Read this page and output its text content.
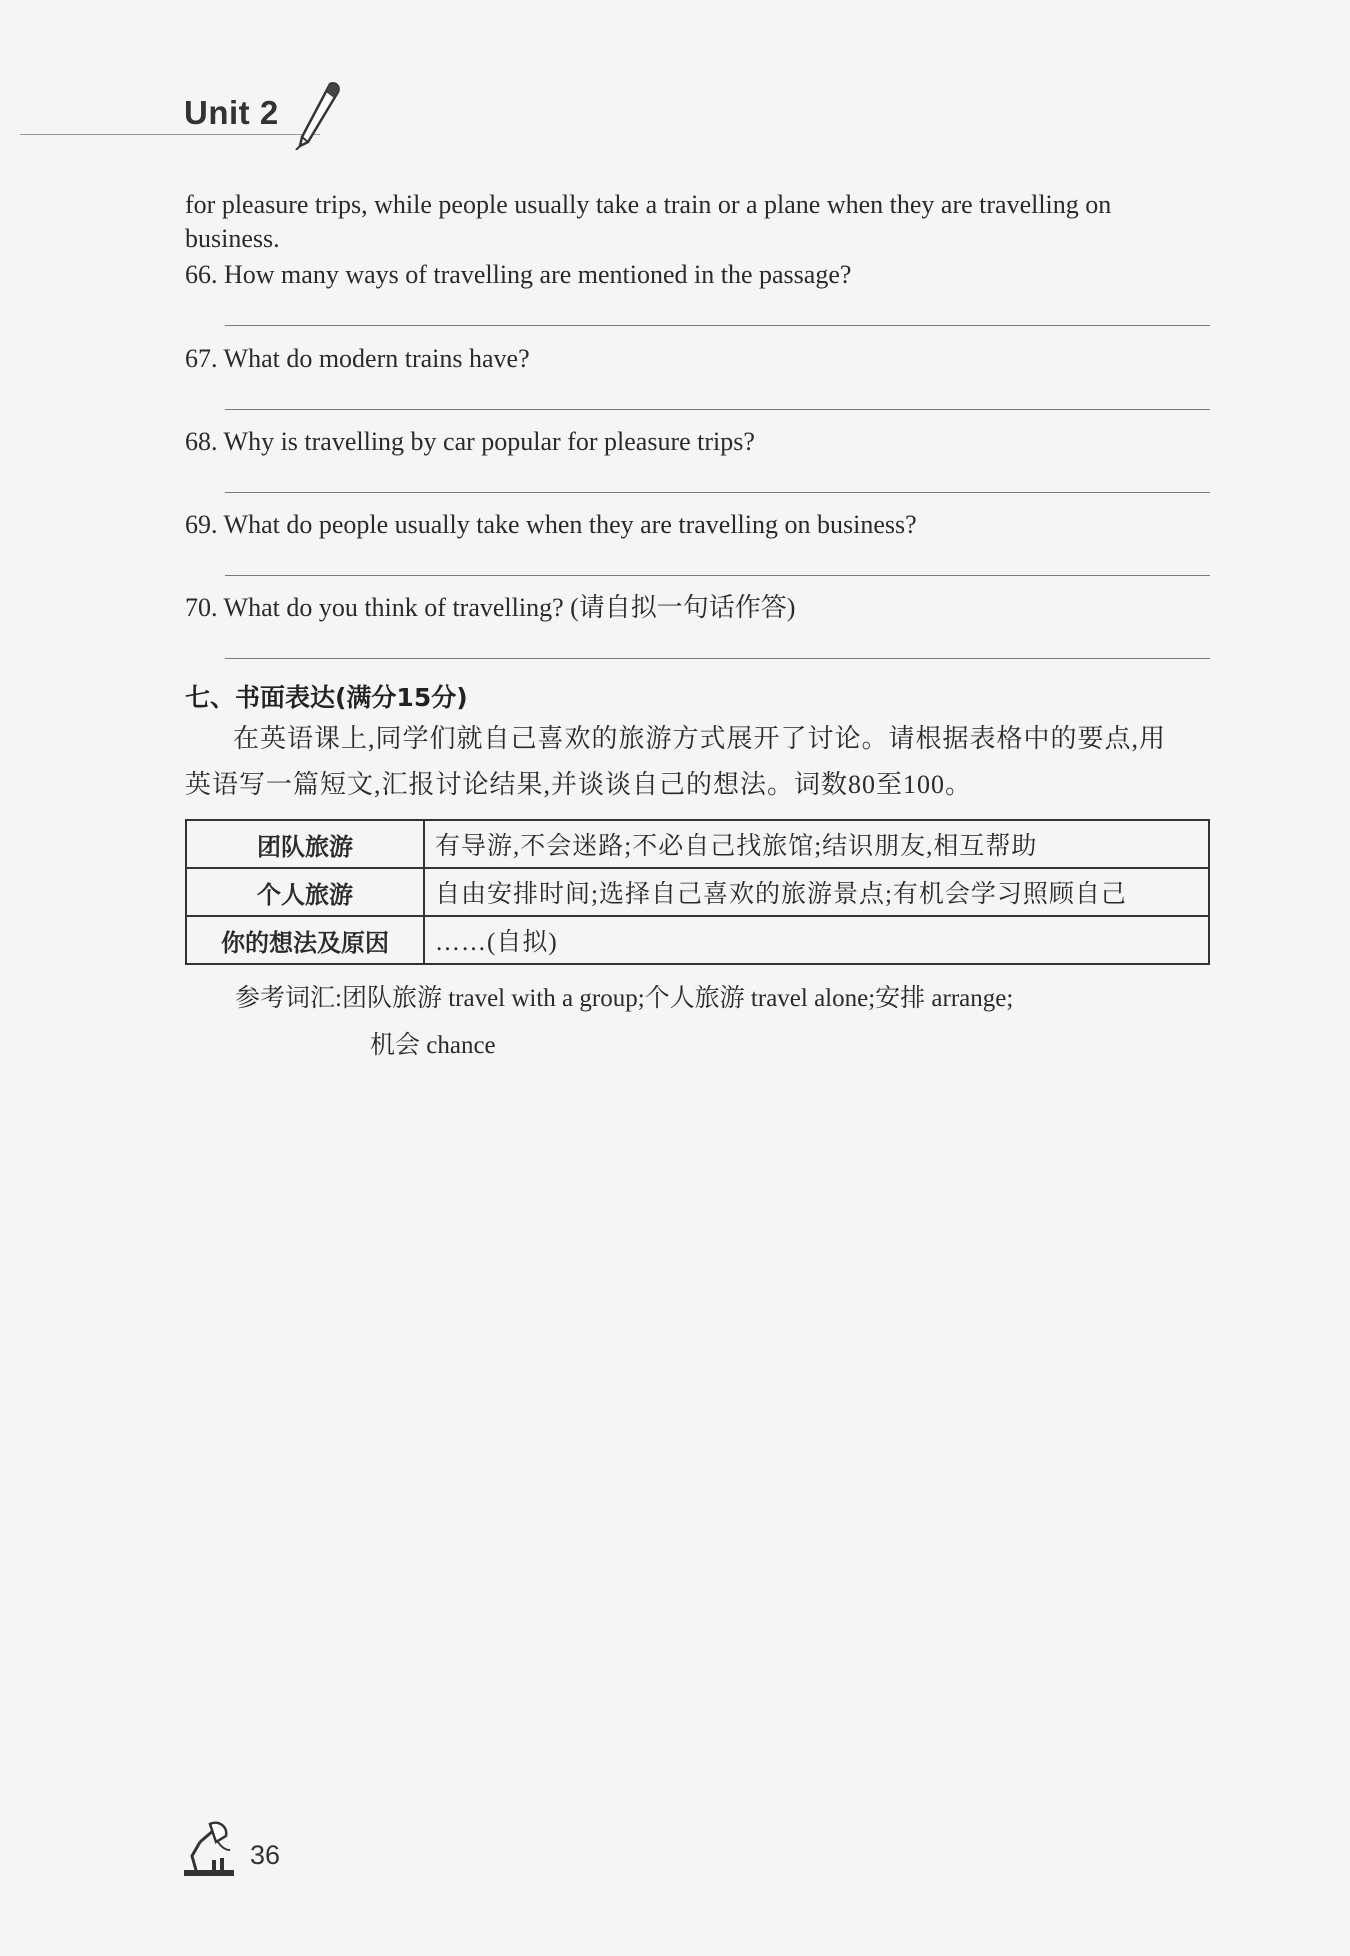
Unit 2
for pleasure trips, while people usually take a train or a plane when they are travelling on
business.
66. How many ways of travelling are mentioned in the passage?
67. What do modern trains have?
68. Why is travelling by car popular for pleasure trips?
69. What do people usually take when they are travelling on business?
70. What do you think of travelling? (请自拟一句话作答)
七、书面表达(满分15分)
在英语课上,同学们就自己喜欢的旅游方式展开了讨论。请根据表格中的要点,用
英语写一篇短文,汇报讨论结果,并谈谈自己的想法。词数80至100。
团队旅游	有导游,不会迷路;不必自己找旅馆;结识朋友,相互帮助
个人旅游	自由安排时间;选择自己喜欢的旅游景点;有机会学习照顾自己
你的想法及原因	……(自拟)
参考词汇:团队旅游 travel with a group;个人旅游 travel alone;安排 arrange;
机会 chance
36
